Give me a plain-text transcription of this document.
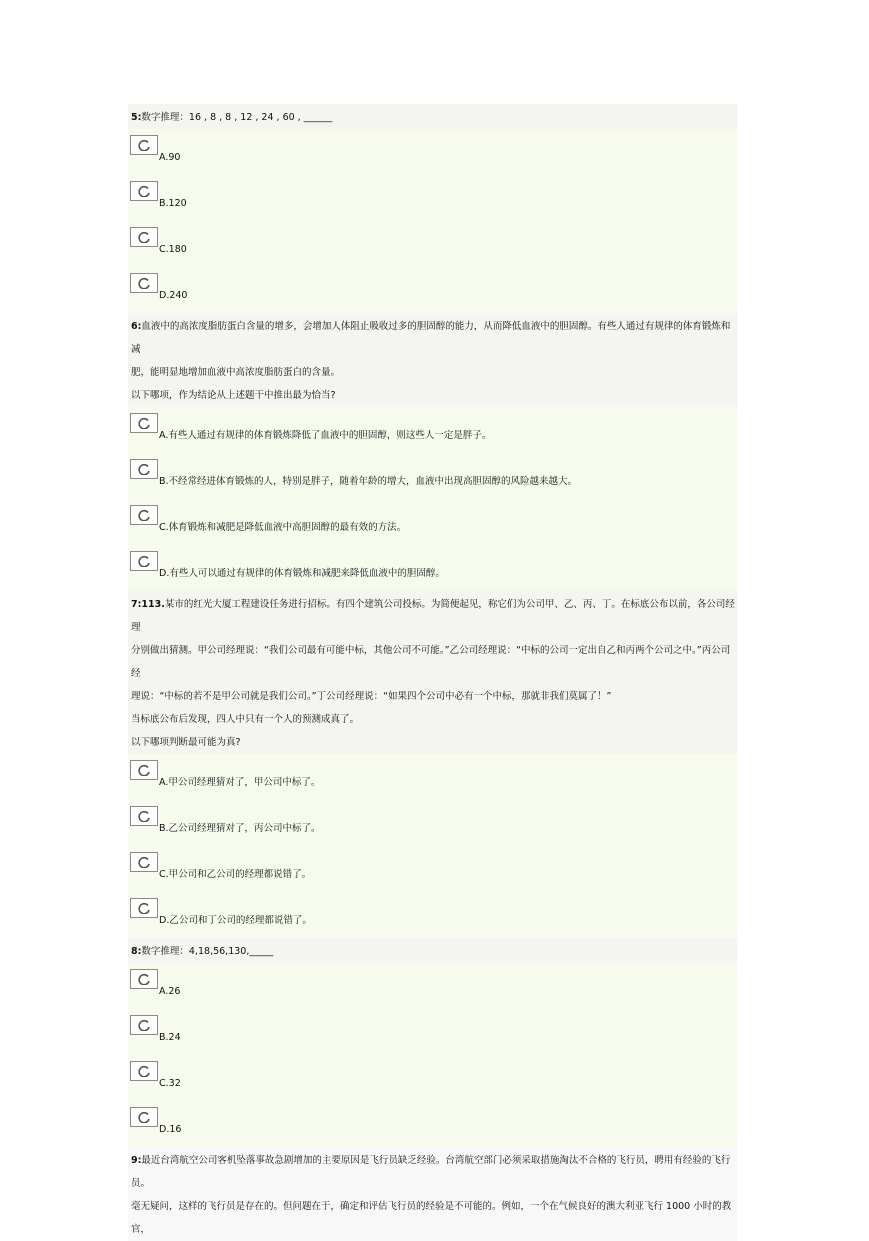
5:数字推理：16 , 8 , 8 , 12 , 24 , 60 , ______

A.90
B.120
C.180
D.240

6:血液中的高浓度脂肪蛋白含量的增多，会增加人体阻止吸收过多的胆固醇的能力，从而降低血液中的胆固醇。有些人通过有规律的体育锻炼和减

肥，能明显地增加血液中高浓度脂肪蛋白的含量。

以下哪项，作为结论从上述题干中推出最为恰当?

A.有些人通过有规律的体育锻炼降低了血液中的胆固醇，则这些人一定是胖子。
B.不经常经进体育锻炼的人，特别是胖子，随着年龄的增大，血液中出现高胆固醇的风险越来越大。
C.体育锻炼和减肥是降低血液中高胆固醇的最有效的方法。
D.有些人可以通过有规律的体育锻炼和减肥来降低血液中的胆固醇。

7:113.某市的红光大厦工程建设任务进行招标。有四个建筑公司投标。为简便起见，称它们为公司甲、乙、丙、丁。在标底公布以前，各公司经理

分别做出猜测。甲公司经理说：“我们公司最有可能中标，其他公司不可能。”乙公司经理说：“中标的公司一定出自乙和丙两个公司之中。”丙公司经

理说：“中标的若不是甲公司就是我们公司。”丁公司经理说：“如果四个公司中必有一个中标，那就非我们莫属了！”

当标底公布后发现，四人中只有一个人的预测成真了。

以下哪项判断最可能为真?

A.甲公司经理猜对了，甲公司中标了。
B.乙公司经理猜对了，丙公司中标了。
C.甲公司和乙公司的经理都说错了。
D.乙公司和丁公司的经理都说错了。

8:数字推理：4,18,56,130,_____

A.26
B.24
C.32
D.16

9:最近台湾航空公司客机坠落事故急剧增加的主要原因是飞行员缺乏经验。台湾航空部门必须采取措施淘汰不合格的飞行员，聘用有经验的飞行员。

毫无疑问，这样的飞行员是存在的。但问题在于，确定和评估飞行员的经验是不可能的。例如，一个在气候良好的澳大利亚飞行 1000 小时的教官，
